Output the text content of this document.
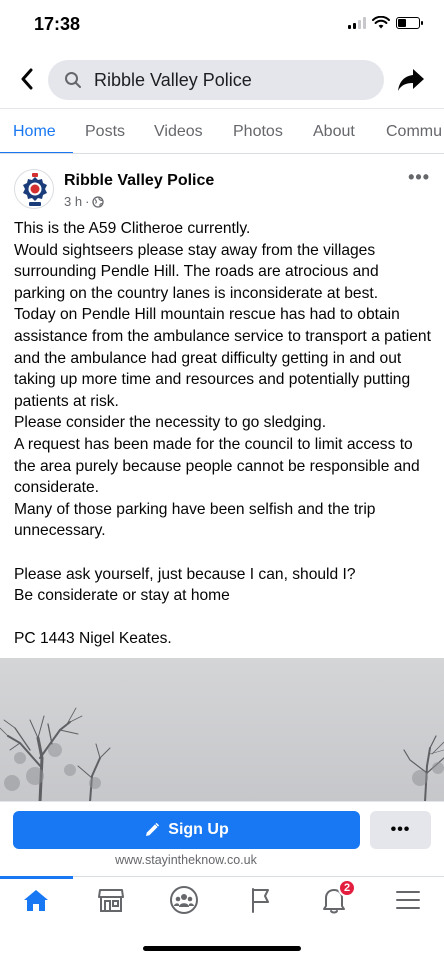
17:38
Ribble Valley Police
Home Posts Videos Photos About Commu
Ribble Valley Police
3 h ·
•••
This is the A59 Clitheroe currently.
Would sightseers please stay away from the villages surrounding Pendle Hill. The roads are atrocious and parking on the country lanes is inconsiderate at best.
Today on Pendle Hill mountain rescue has had to obtain assistance from the ambulance service to transport a patient and the ambulance had great difficulty getting in and out taking up more time and resources and potentially putting patients at risk.
Please consider the necessity to go sledging.
A request has been made for the council to limit access to the area purely because people cannot be responsible and considerate.
Many of those parking have been selfish and the trip unnecessary.

Please ask yourself, just because I can, should I?
Be considerate or stay at home

PC 1443 Nigel Keates.
Sign Up	•••
www.stayintheknow.co.uk
2
